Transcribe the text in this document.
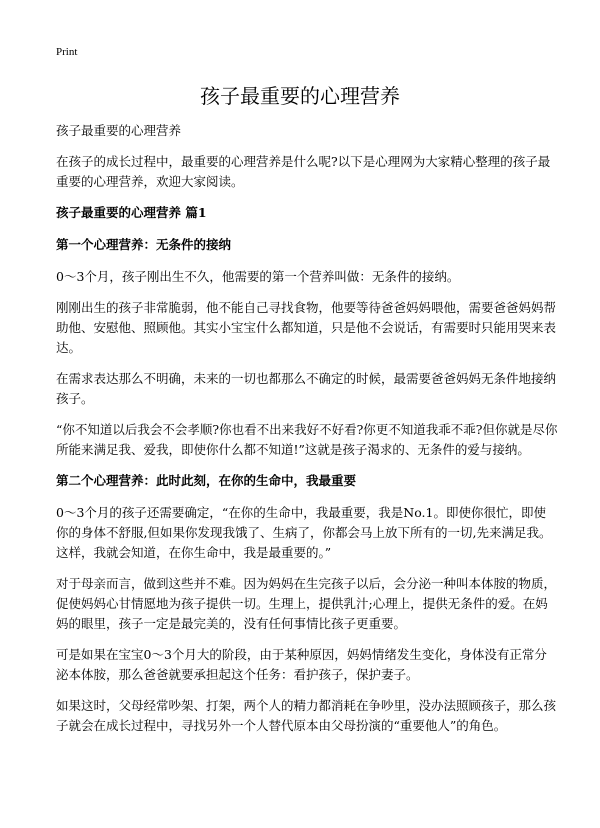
Print
孩子最重要的心理营养

孩子最重要的心理营养

在孩子的成长过程中，最重要的心理营养是什么呢?以下是心理网为大家精心整理的孩子最重要的心理营养，欢迎大家阅读。

孩子最重要的心理营养 篇1
第一个心理营养：无条件的接纳

0～3个月，孩子刚出生不久，他需要的第一个营养叫做：无条件的接纳。

刚刚出生的孩子非常脆弱，他不能自己寻找食物，他要等待爸爸妈妈喂他，需要爸爸妈妈帮助他、安慰他、照顾他。其实小宝宝什么都知道，只是他不会说话，有需要时只能用哭来表达。

在需求表达那么不明确，未来的一切也都那么不确定的时候，最需要爸爸妈妈无条件地接纳孩子。

“你不知道以后我会不会孝顺?你也看不出来我好不好看?你更不知道我乖不乖?但你就是尽你所能来满足我、爱我，即使你什么都不知道!”这就是孩子渴求的、无条件的爱与接纳。

第二个心理营养：此时此刻，在你的生命中，我最重要

0～3个月的孩子还需要确定，“在你的生命中，我最重要，我是No.1。即使你很忙，即使你的身体不舒服,但如果你发现我饿了、生病了，你都会马上放下所有的一切,先来满足我。这样，我就会知道，在你生命中，我是最重要的。”

对于母亲而言，做到这些并不难。因为妈妈在生完孩子以后，会分泌一种叫本体胺的物质，促使妈妈心甘情愿地为孩子提供一切。生理上，提供乳汁;心理上，提供无条件的爱。在妈妈的眼里，孩子一定是最完美的，没有任何事情比孩子更重要。

可是如果在宝宝0～3个月大的阶段，由于某种原因，妈妈情绪发生变化，身体没有正常分泌本体胺，那么爸爸就要承担起这个任务：看护孩子，保护妻子。

如果这时，父母经常吵架、打架，两个人的精力都消耗在争吵里，没办法照顾孩子，那么孩子就会在成长过程中，寻找另外一个人替代原本由父母扮演的“重要他人”的角色。
